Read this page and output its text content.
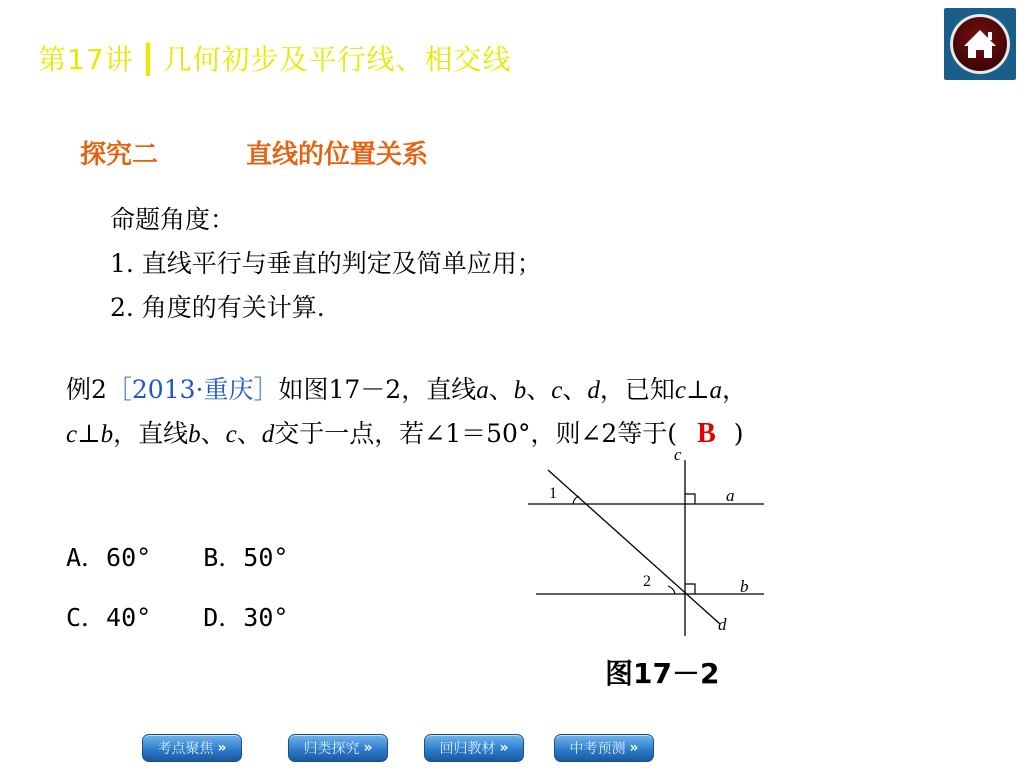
第17讲 ┃ 几何初步及平行线、相交线
探究二	直线的位置关系
命题角度：
1. 直线平行与垂直的判定及简单应用；
2. 角度的有关计算.
例2［2013·重庆］如图17－2，直线a、b、c、d，已知c⊥a，
c⊥b，直线b、c、d交于一点，若∠1＝50°，则∠2等于( B )
A．60° B．50°
C．40° D．30°
c
a
b
d
1
2
图17－2
考点聚焦 »	归类探究 »	回归教材 »	中考预测 »
